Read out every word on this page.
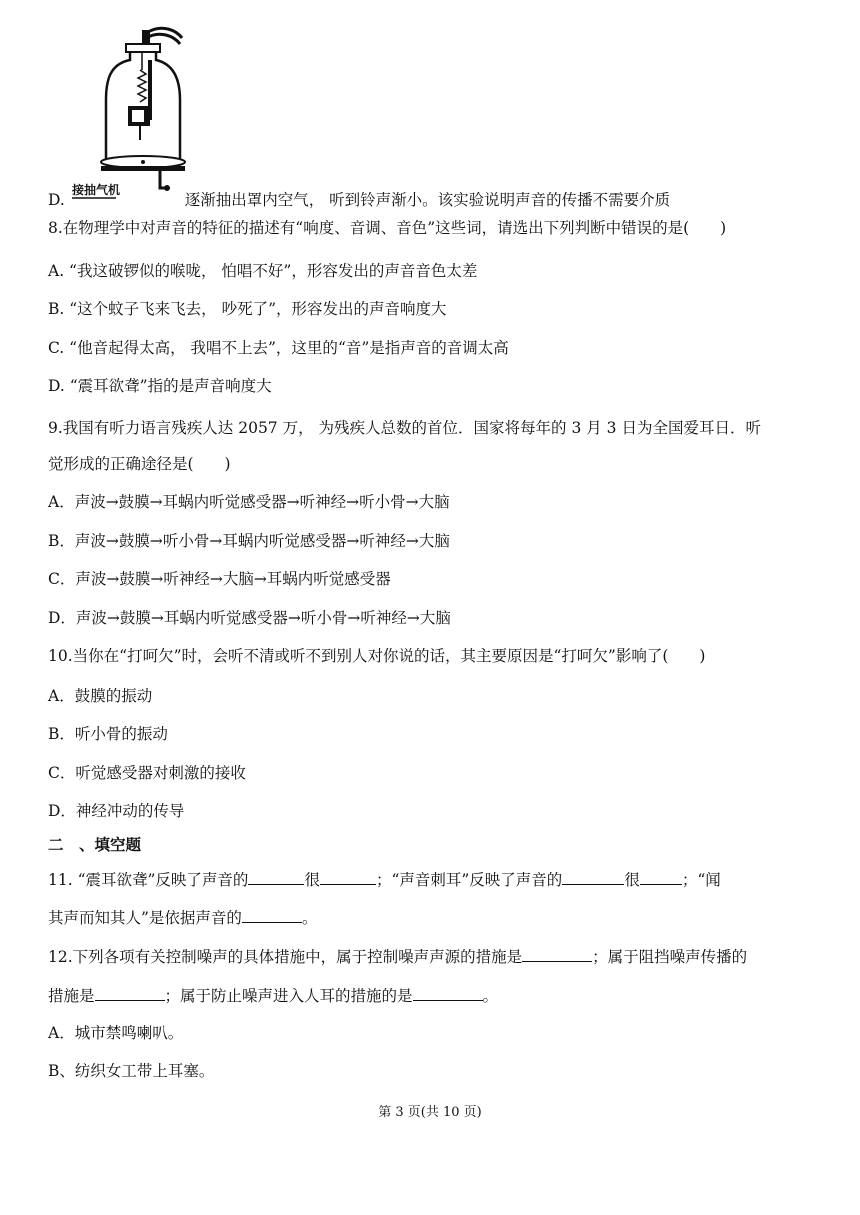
接抽气机
D.	逐渐抽出罩内空气， 听到铃声渐小。该实验说明声音的传播不需要介质
8.在物理学中对声音的特征的描述有“响度、音调、音色”这些词，请选出下列判断中错误的是(　　)
A. “我这破锣似的喉咙， 怕唱不好”，形容发出的声音音色太差
B. “这个蚊子飞来飞去， 吵死了”，形容发出的声音响度大
C. “他音起得太高， 我唱不上去”，这里的“音”是指声音的音调太高
D. “震耳欲聋”指的是声音响度大
9.我国有听力语言残疾人达 2057 万， 为残疾人总数的首位．国家将每年的 3 月 3 日为全国爱耳日．听
觉形成的正确途径是(　　)
A．声波→鼓膜→耳蜗内听觉感受器→听神经→听小骨→大脑
B．声波→鼓膜→听小骨→耳蜗内听觉感受器→听神经→大脑
C．声波→鼓膜→听神经→大脑→耳蜗内听觉感受器
D．声波→鼓膜→耳蜗内听觉感受器→听小骨→听神经→大脑
10.当你在“打呵欠”时，会听不清或听不到别人对你说的话，其主要原因是“打呵欠”影响了(　　)
A．鼓膜的振动
B．听小骨的振动
C．听觉感受器对刺激的接收
D．神经冲动的传导
二　、填空题
11. “震耳欲聋”反映了声音的	很	；“声音刺耳”反映了声音的	很	；“闻
其声而知其人”是依据声音的	。
12.下列各项有关控制噪声的具体措施中，属于控制噪声声源的措施是	；属于阻挡噪声传播的
措施是	；属于防止噪声进入人耳的措施的是	。
A．城市禁鸣喇叭。
B、纺织女工带上耳塞。
第 3 页(共 10 页)
